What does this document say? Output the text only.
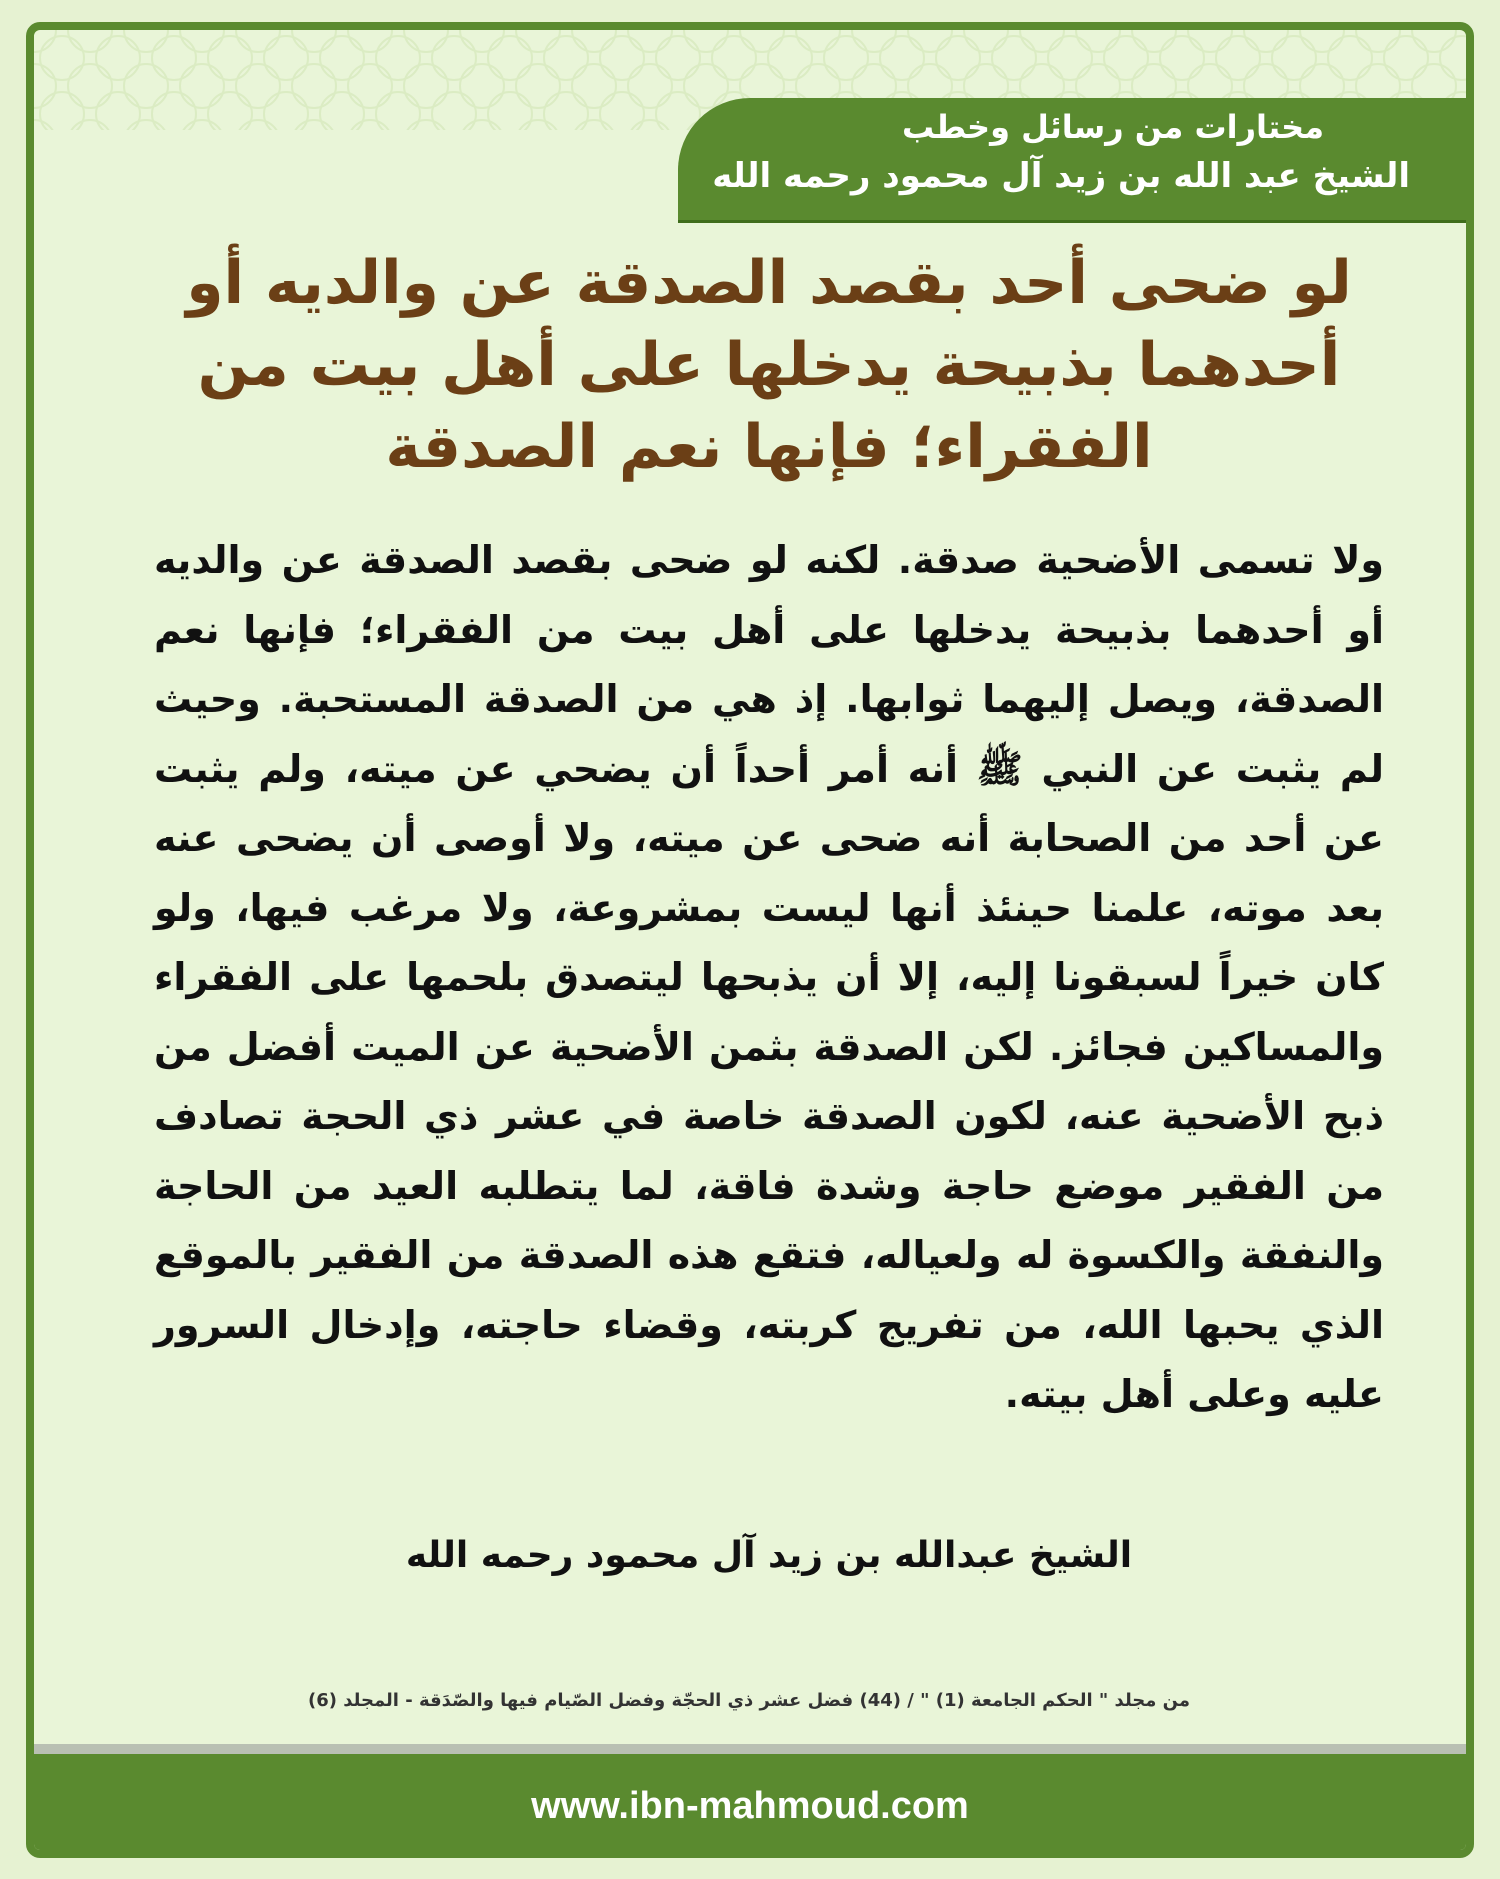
مختارات من رسائل وخطب
الشيخ عبد الله بن زيد آل محمود رحمه الله
لو ضحى أحد بقصد الصدقة عن والديه أو
أحدهما بذبيحة يدخلها على أهل بيت من
الفقراء؛ فإنها نعم الصدقة

ولا تسمى الأضحية صدقة. لكنه لو ضحى بقصد الصدقة عن والديه أو أحدهما بذبيحة يدخلها على أهل بيت من الفقراء؛ فإنها نعم الصدقة، ويصل إليهما ثوابها. إذ هي من الصدقة المستحبة. وحيث لم يثبت عن النبي ﷺ أنه أمر أحداً أن يضحي عن ميته، ولم يثبت عن أحد من الصحابة أنه ضحى عن ميته، ولا أوصى أن يضحى عنه بعد موته، علمنا حينئذ أنها ليست بمشروعة، ولا مرغب فيها، ولو كان خيراً لسبقونا إليه، إلا أن يذبحها ليتصدق بلحمها على الفقراء والمساكين فجائز. لكن الصدقة بثمن الأضحية عن الميت أفضل من ذبح الأضحية عنه، لكون الصدقة خاصة في عشر ذي الحجة تصادف من الفقير موضع حاجة وشدة فاقة، لما يتطلبه العيد من الحاجة والنفقة والكسوة له ولعياله، فتقع هذه الصدقة من الفقير بالموقع الذي يحبها الله، من تفريج كربته، وقضاء حاجته، وإدخال السرور عليه وعلى أهل بيته.

الشيخ عبدالله بن زيد آل محمود رحمه الله
من مجلد " الحكم الجامعة (1) " / (44) فضل عشر ذي الحجّة وفضل الصّيام فيها والصّدَقة - المجلد (6)
www.ibn-mahmoud.com
